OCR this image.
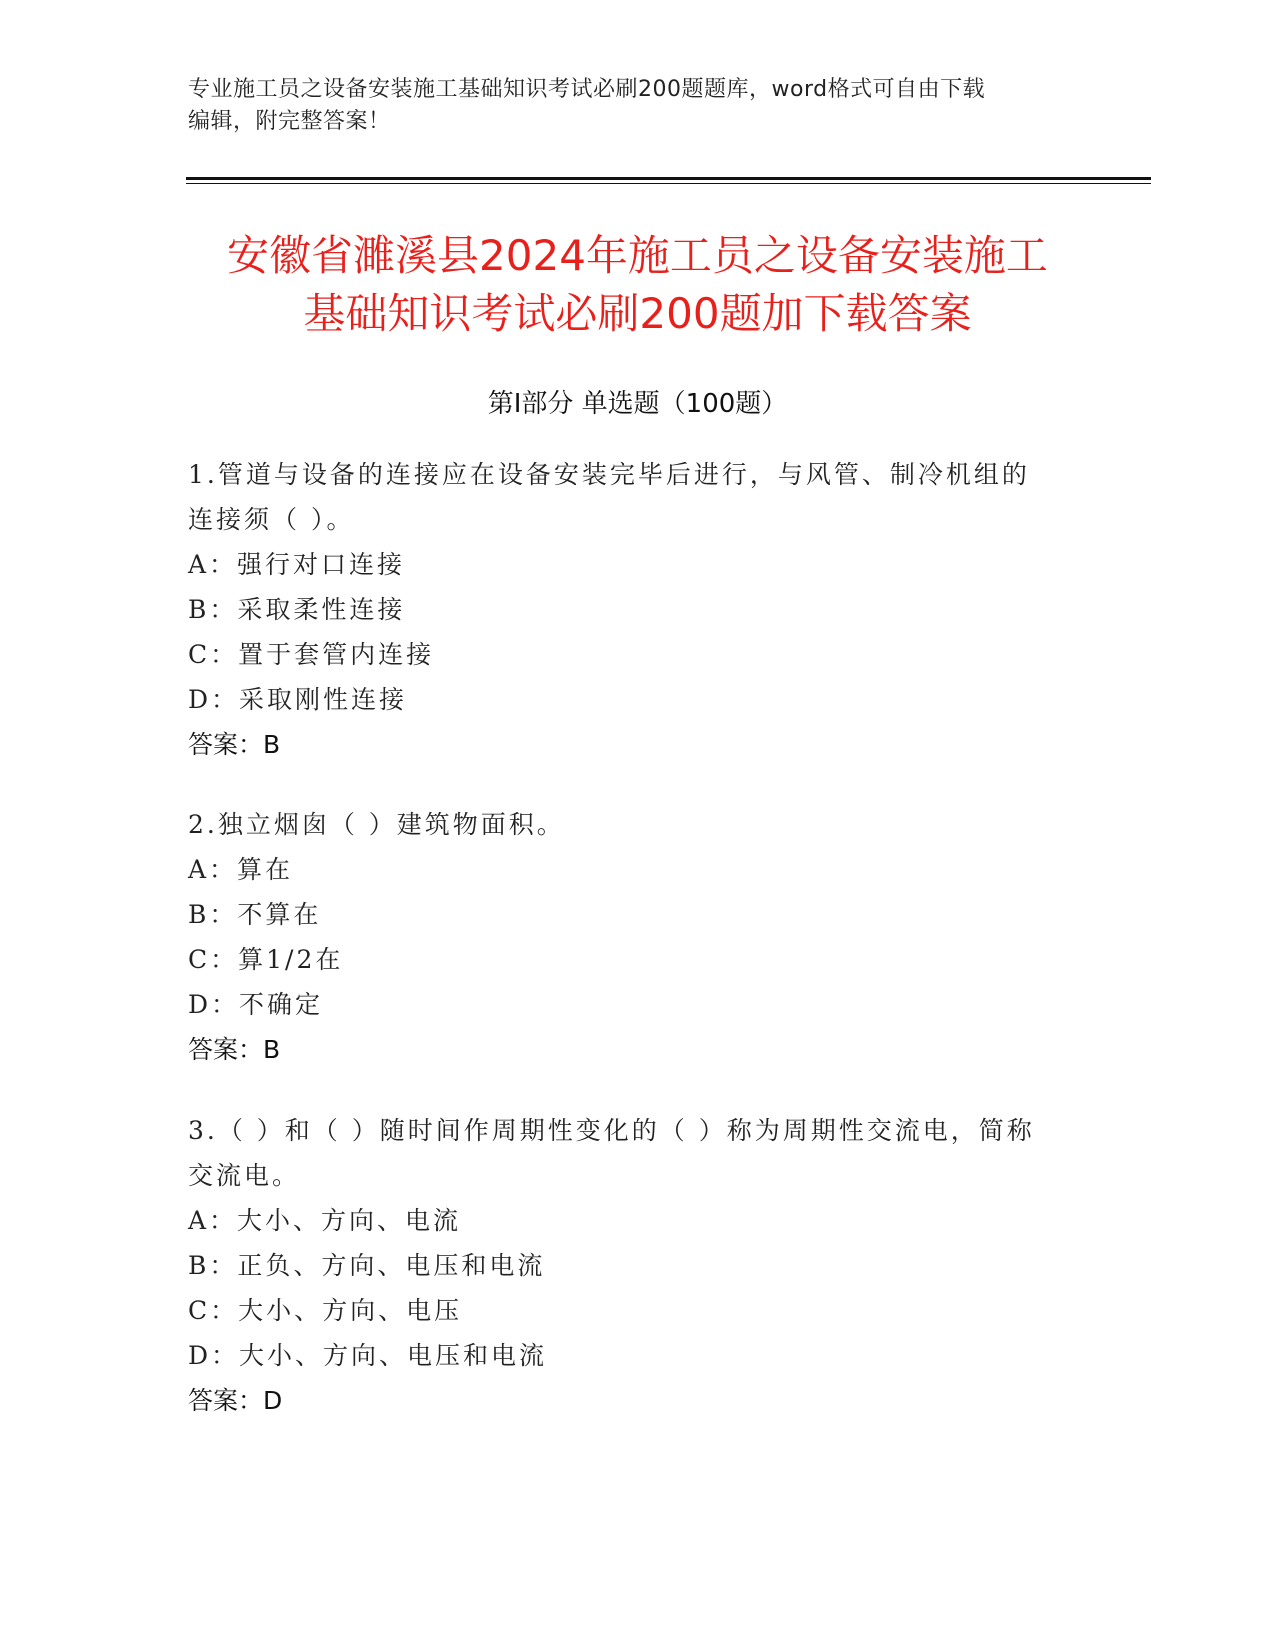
专业施工员之设备安装施工基础知识考试必刷200题题库，word格式可自由下载
编辑，附完整答案！
安徽省濉溪县2024年施工员之设备安装施工
基础知识考试必刷200题加下载答案
第Ⅰ部分 单选题（100题）
1.管道与设备的连接应在设备安装完毕后进行，与风管、制冷机组的
连接须（ ）。
A：强行对口连接
B：采取柔性连接
C：置于套管内连接
D：采取刚性连接
答案：B
2.独立烟囱（ ）建筑物面积。
A：算在
B：不算在
C：算1/2在
D：不确定
答案：B
3.（ ）和（ ）随时间作周期性变化的（ ）称为周期性交流电，简称
交流电。
A：大小、方向、电流
B：正负、方向、电压和电流
C：大小、方向、电压
D：大小、方向、电压和电流
答案：D
